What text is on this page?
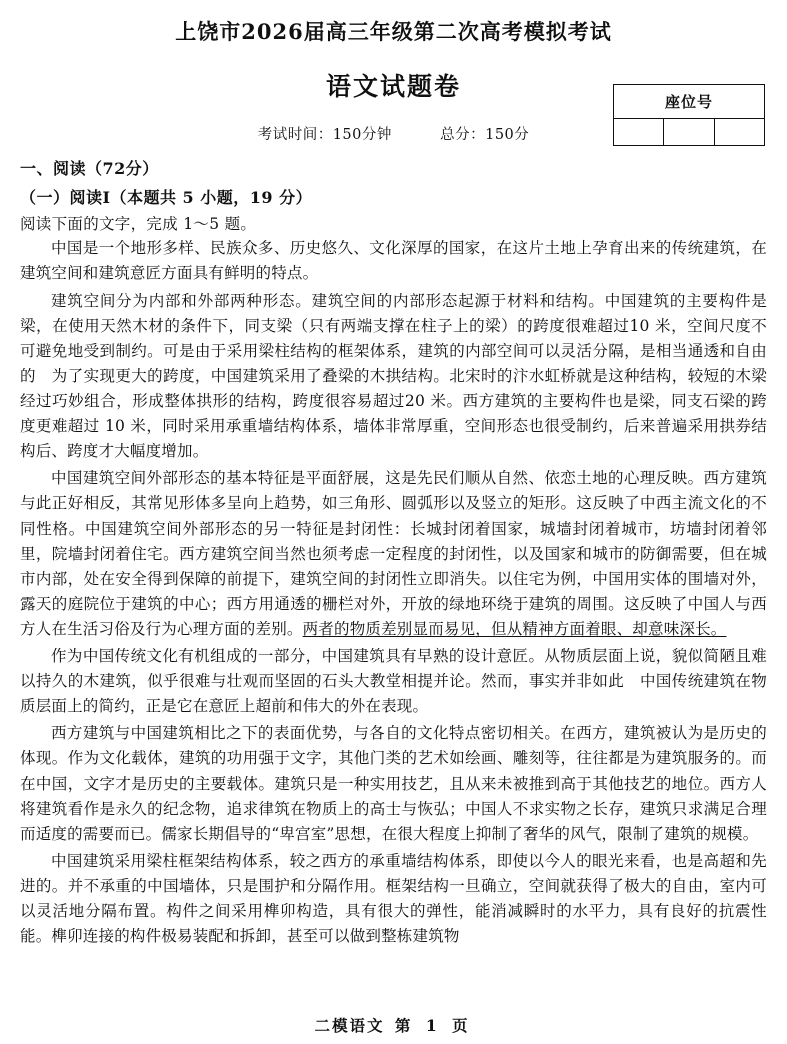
上饶市2026届高三年级第二次高考模拟考试
语文试题卷
座位号
考试时间：150分钟	总分：150分
一、阅读（72分）
（一）阅读I（本题共 5 小题，19 分）
阅读下面的文字，完成 1～5 题。

中国是一个地形多样、民族众多、历史悠久、文化深厚的国家，在这片土地上孕育出来的传统建筑，在建筑空间和建筑意匠方面具有鲜明的特点。

建筑空间分为内部和外部两种形态。建筑空间的内部形态起源于材料和结构。中国建筑的主要构件是梁，在使用天然木材的条件下，同支梁（只有两端支撑在柱子上的梁）的跨度很难超过10 米，空间尺度不可避免地受到制约。可是由于采用梁柱结构的框架体系，建筑的内部空间可以灵活分隔，是相当通透和自由的　为了实现更大的跨度，中国建筑采用了叠梁的木拱结构。北宋时的汴水虹桥就是这种结构，较短的木梁经过巧妙组合，形成整体拱形的结构，跨度很容易超过20 米。西方建筑的主要构件也是梁，同支石梁的跨度更难超过 10 米，同时采用承重墙结构体系，墙体非常厚重，空间形态也很受制约，后来普遍采用拱券结构后、跨度才大幅度增加。

中国建筑空间外部形态的基本特征是平面舒展，这是先民们顺从自然、依恋土地的心理反映。西方建筑与此正好相反，其常见形体多呈向上趋势，如三角形、圆弧形以及竖立的矩形。这反映了中西主流文化的不同性格。中国建筑空间外部形态的另一特征是封闭性：长城封闭着国家，城墙封闭着城市，坊墙封闭着邻里，院墙封闭着住宅。西方建筑空间当然也须考虑一定程度的封闭性，以及国家和城市的防御需要，但在城市内部，处在安全得到保障的前提下，建筑空间的封闭性立即消失。以住宅为例，中国用实体的围墙对外，露天的庭院位于建筑的中心；西方用通透的栅栏对外，开放的绿地环绕于建筑的周围。这反映了中国人与西方人在生活习俗及行为心理方面的差别。两者的物质差别显而易见，但从精神方面着眼、却意味深长。

作为中国传统文化有机组成的一部分，中国建筑具有早熟的设计意匠。从物质层面上说，貌似简陋且难以持久的木建筑，似乎很难与壮观而坚固的石头大教堂相提并论。然而，事实并非如此　中国传统建筑在物质层面上的简约，正是它在意匠上超前和伟大的外在表现。

西方建筑与中国建筑相比之下的表面优势，与各自的文化特点密切相关。在西方，建筑被认为是历史的体现。作为文化载体，建筑的功用强于文字，其他门类的艺术如绘画、雕刻等，往往都是为建筑服务的。而在中国，文字才是历史的主要载体。建筑只是一种实用技艺，且从来未被推到高于其他技艺的地位。西方人将建筑看作是永久的纪念物，追求律筑在物质上的高士与恢弘；中国人不求实物之长存，建筑只求满足合理而适度的需要而已。儒家长期倡导的“卑宫室”思想，在很大程度上抑制了奢华的风气，限制了建筑的规模。

中国建筑采用梁柱框架结构体系，较之西方的承重墙结构体系，即使以今人的眼光来看，也是高超和先进的。并不承重的中国墙体，只是围护和分隔作用。框架结构一旦确立，空间就获得了极大的自由，室内可以灵活地分隔布置。构件之间采用榫卯构造，具有很大的弹性，能消减瞬时的水平力，具有良好的抗震性能。榫卯连接的构件极易装配和拆卸，甚至可以做到整栋建筑物

二模语文 第 1 页
